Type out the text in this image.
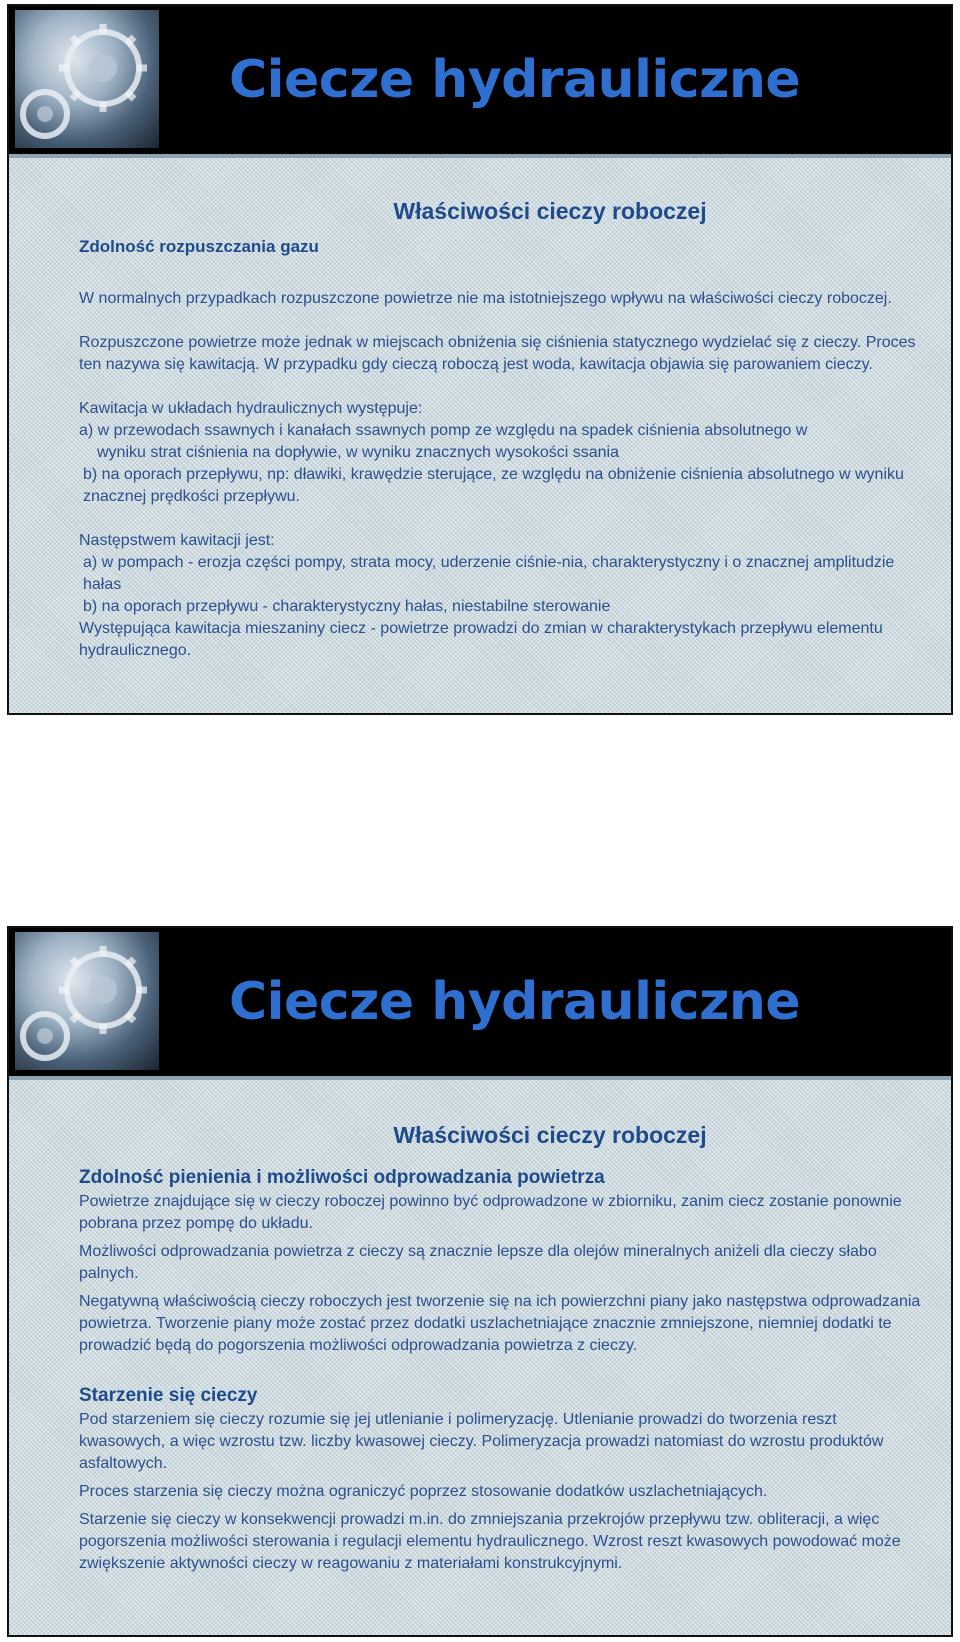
Ciecze hydrauliczne
Właściwości cieczy roboczej

Zdolność rozpuszczania gazu

W normalnych przypadkach rozpuszczone powietrze nie ma istotniejszego wpływu na właściwości cieczy roboczej.

Rozpuszczone powietrze może jednak w miejscach obniżenia się ciśnienia statycznego wydzielać się z cieczy. Proces ten nazywa się kawitacją. W przypadku gdy cieczą roboczą jest woda, kawitacja objawia się parowaniem cieczy.

Kawitacja w układach hydraulicznych występuje:

a) w przewodach ssawnych i kanałach ssawnych pomp ze względu na spadek ciśnienia absolutnego w

wyniku strat ciśnienia na dopływie, w wyniku znacznych wysokości ssania

b) na oporach przepływu, np: dławiki, krawędzie sterujące, ze względu na obniżenie ciśnienia absolutnego w wyniku znacznej prędkości przepływu.

Następstwem kawitacji jest:

a) w pompach - erozja części pompy, strata mocy, uderzenie ciśnie-nia, charakterystyczny i o znacznej amplitudzie hałas

b) na oporach przepływu - charakterystyczny hałas, niestabilne sterowanie

Występująca kawitacja mieszaniny ciecz - powietrze prowadzi do zmian w charakterystykach przepływu elementu hydraulicznego.

Ciecze hydrauliczne
Właściwości cieczy roboczej

Zdolność pienienia i możliwości odprowadzania powietrza

Powietrze znajdujące się w cieczy roboczej powinno być odprowadzone w zbiorniku, zanim ciecz zostanie ponownie pobrana przez pompę do układu.

Możliwości odprowadzania powietrza z cieczy są znacznie lepsze dla olejów mineralnych aniżeli dla cieczy słabo palnych.

Negatywną właściwością cieczy roboczych jest tworzenie się na ich powierzchni piany jako następstwa odprowadzania powietrza. Tworzenie piany może zostać przez dodatki uszlachetniające znacznie zmniejszone, niemniej dodatki te prowadzić będą do pogorszenia możliwości odprowadzania powietrza z cieczy.

Starzenie się cieczy

Pod starzeniem się cieczy rozumie się jej utlenianie i polimeryzację. Utlenianie prowadzi do tworzenia reszt kwasowych, a więc wzrostu tzw. liczby kwasowej cieczy. Polimeryzacja prowadzi natomiast do wzrostu produktów asfaltowych.

Proces starzenia się cieczy można ograniczyć poprzez stosowanie dodatków uszlachetniających.

Starzenie się cieczy w konsekwencji prowadzi m.in. do zmniejszania przekrojów przepływu tzw. obliteracji, a więc pogorszenia możliwości sterowania i regulacji elementu hydraulicznego. Wzrost reszt kwasowych powodować może zwiększenie aktywności cieczy w reagowaniu z materiałami konstrukcyjnymi.
